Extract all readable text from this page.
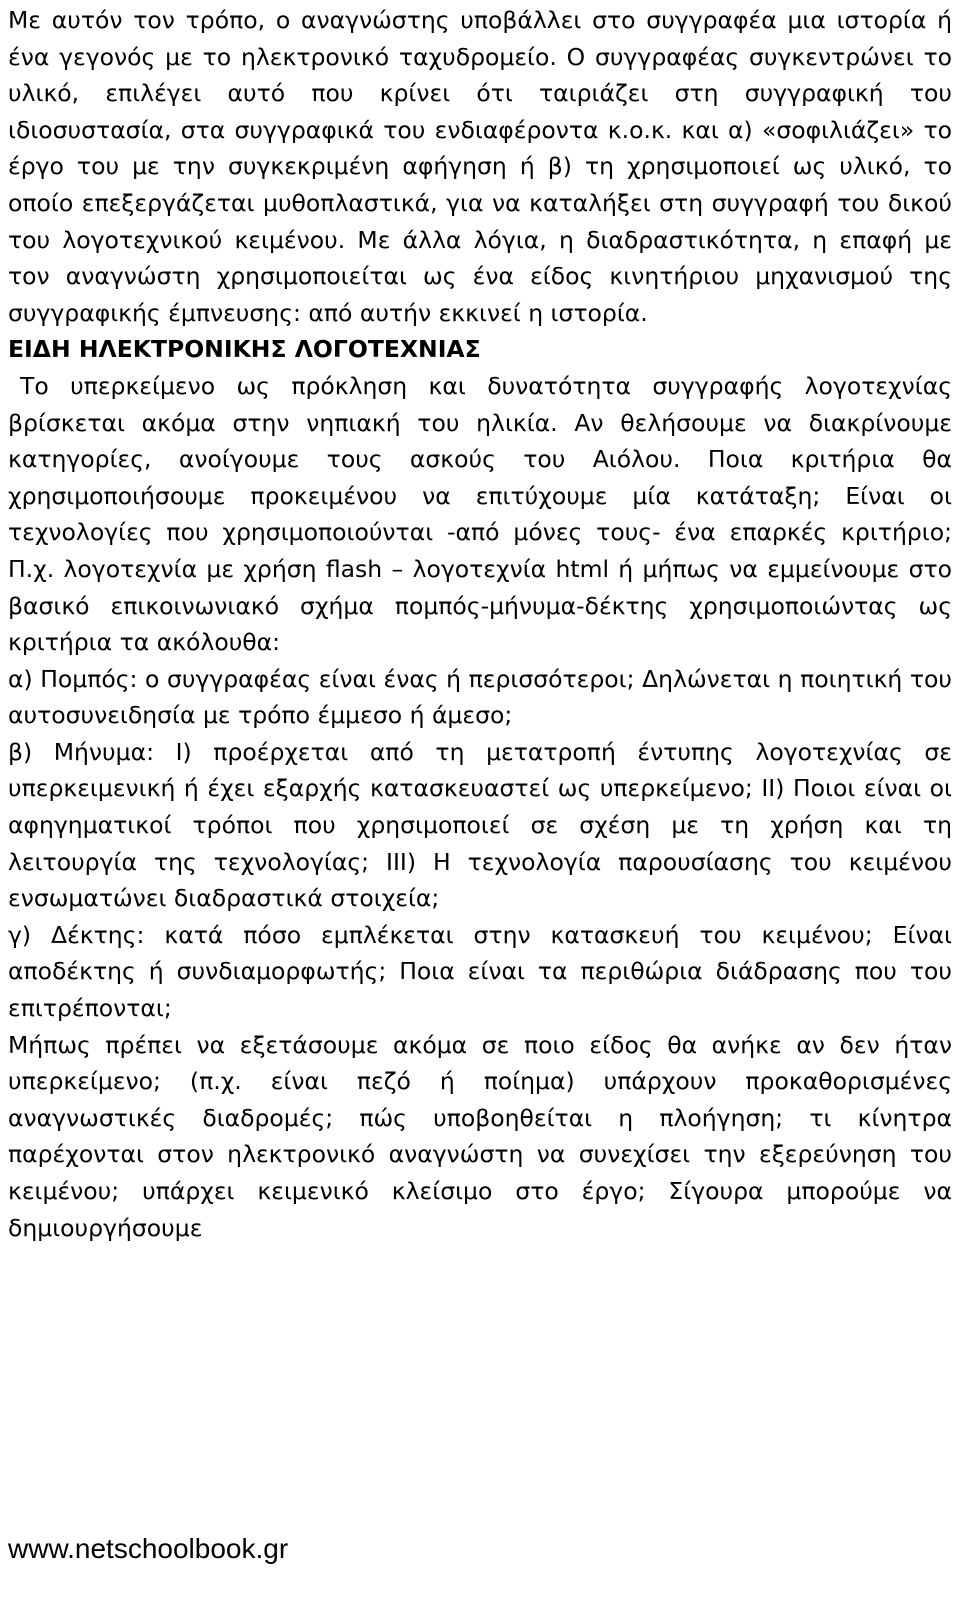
Με αυτόν τον τρόπο, ο αναγνώστης υποβάλλει στο συγγραφέα μια ιστορία ή ένα γεγονός με το ηλεκτρονικό ταχυδρομείο. Ο συγγραφέας συγκεντρώνει το υλικό, επιλέγει αυτό που κρίνει ότι ταιριάζει στη συγγραφική του ιδιοσυστασία, στα συγγραφικά του ενδιαφέροντα κ.ο.κ. και α) «σοφιλιάζει» το έργο του με την συγκεκριμένη αφήγηση ή β) τη χρησιμοποιεί ως υλικό, το οποίο επεξεργάζεται μυθοπλαστικά, για να καταλήξει στη συγγραφή του δικού του λογοτεχνικού κειμένου. Με άλλα λόγια, η διαδραστικότητα, η επαφή με τον αναγνώστη χρησιμοποιείται ως ένα είδος κινητήριου μηχανισμού της συγγραφικής έμπνευσης: από αυτήν εκκινεί η ιστορία.

ΕΙΔΗ ΗΛΕΚΤΡΟΝΙΚΗΣ ΛΟΓΟΤΕΧΝΙΑΣ

Το υπερκείμενο ως πρόκληση και δυνατότητα συγγραφής λογοτεχνίας βρίσκεται ακόμα στην νηπιακή του ηλικία. Αν θελήσουμε να διακρίνουμε κατηγορίες, ανοίγουμε τους ασκούς του Αιόλου. Ποια κριτήρια θα χρησιμοποιήσουμε προκειμένου να επιτύχουμε μία κατάταξη; Είναι οι τεχνολογίες που χρησιμοποιούνται -από μόνες τους- ένα επαρκές κριτήριο; Π.χ. λογοτεχνία με χρήση flash – λογοτεχνία html ή μήπως να εμμείνουμε στο βασικό επικοινωνιακό σχήμα πομπός-μήνυμα-δέκτης χρησιμοποιώντας ως κριτήρια τα ακόλουθα:

α) Πομπός: ο συγγραφέας είναι ένας ή περισσότεροι; Δηλώνεται η ποιητική του αυτοσυνειδησία με τρόπο έμμεσο ή άμεσο;

β) Μήνυμα: I) προέρχεται από τη μετατροπή έντυπης λογοτεχνίας σε υπερκειμενική ή έχει εξαρχής κατασκευαστεί ως υπερκείμενο; II) Ποιοι είναι οι αφηγηματικοί τρόποι που χρησιμοποιεί σε σχέση με τη χρήση και τη λειτουργία της τεχνολογίας; III) Η τεχνολογία παρουσίασης του κειμένου ενσωματώνει διαδραστικά στοιχεία;

γ) Δέκτης: κατά πόσο εμπλέκεται στην κατασκευή του κειμένου; Είναι αποδέκτης ή συνδιαμορφωτής; Ποια είναι τα περιθώρια διάδρασης που του επιτρέπονται;

Μήπως πρέπει να εξετάσουμε ακόμα σε ποιο είδος θα ανήκε αν δεν ήταν υπερκείμενο; (π.χ. είναι πεζό ή ποίημα) υπάρχουν προκαθορισμένες αναγνωστικές διαδρομές; πώς υποβοηθείται η πλοήγηση; τι κίνητρα παρέχονται στον ηλεκτρονικό αναγνώστη να συνεχίσει την εξερεύνηση του κειμένου; υπάρχει κειμενικό κλείσιμο στο έργο; Σίγουρα μπορούμε να δημιουργήσουμε

www.netschoolbook.gr
